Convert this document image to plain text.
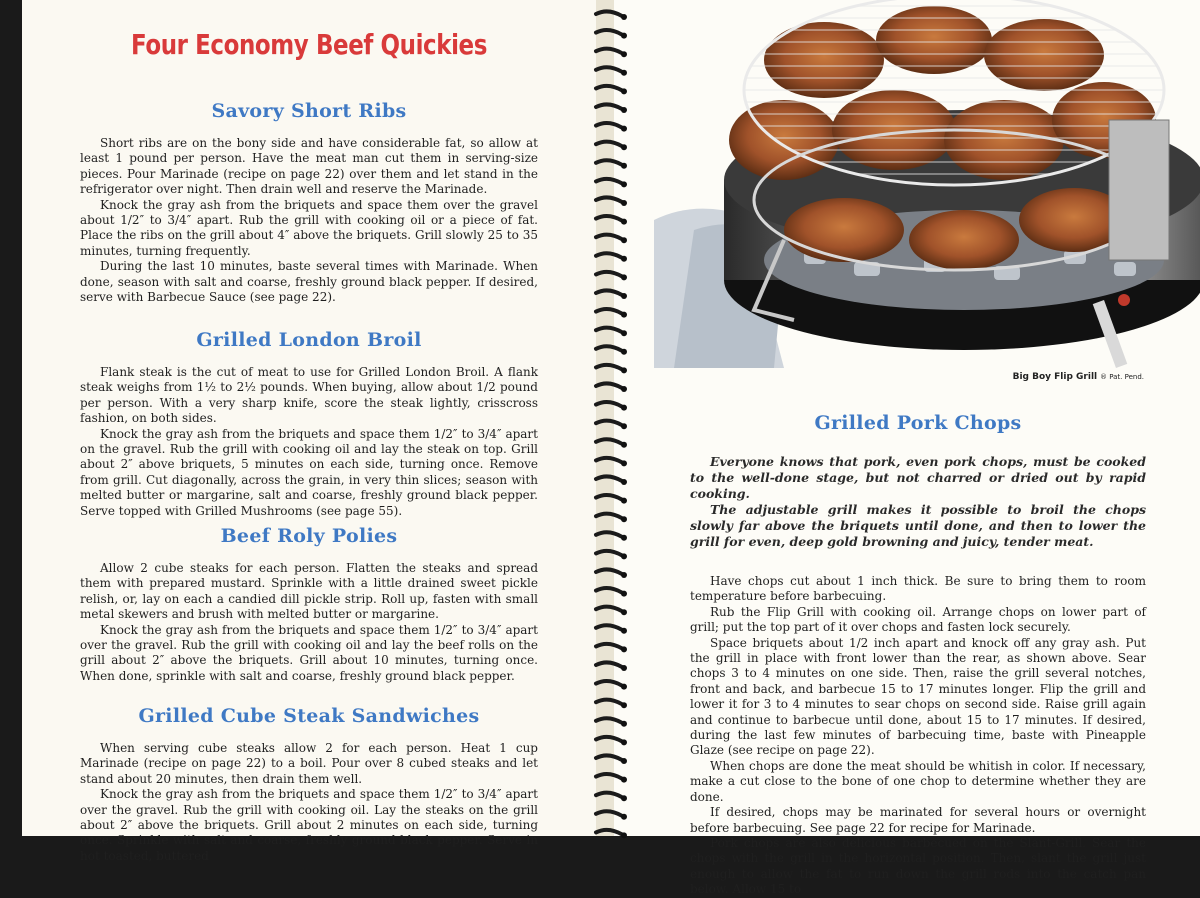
Four Economy Beef Quickies
Savory Short Ribs

Short ribs are on the bony side and have considerable fat, so allow at least 1 pound per person. Have the meat man cut them in serving-size pieces. Pour Marinade (recipe on page 22) over them and let stand in the refrigerator over night. Then drain well and reserve the Marinade.

Knock the gray ash from the briquets and space them over the gravel about 1/2″ to 3/4″ apart. Rub the grill with cooking oil or a piece of fat. Place the ribs on the grill about 4″ above the briquets. Grill slowly 25 to 35 minutes, turning frequently.

During the last 10 minutes, baste several times with Marinade. When done, season with salt and coarse, freshly ground black pepper. If desired, serve with Barbecue Sauce (see page 22).

Grilled London Broil

Flank steak is the cut of meat to use for Grilled London Broil. A flank steak weighs from 1½ to 2½ pounds. When buying, allow about 1/2 pound per person. With a very sharp knife, score the steak lightly, crisscross fashion, on both sides.

Knock the gray ash from the briquets and space them 1/2″ to 3/4″ apart on the gravel. Rub the grill with cooking oil and lay the steak on top. Grill about 2″ above briquets, 5 minutes on each side, turning once. Remove from grill. Cut diagonally, across the grain, in very thin slices; season with melted butter or margarine, salt and coarse, freshly ground black pepper. Serve topped with Grilled Mushrooms (see page 55).

Beef Roly Polies

Allow 2 cube steaks for each person. Flatten the steaks and spread them with prepared mustard. Sprinkle with a little drained sweet pickle relish, or, lay on each a candied dill pickle strip. Roll up, fasten with small metal skewers and brush with melted butter or margarine.

Knock the gray ash from the briquets and space them 1/2″ to 3/4″ apart over the gravel. Rub the grill with cooking oil and lay the beef rolls on the grill about 2″ above the briquets. Grill about 10 minutes, turning once. When done, sprinkle with salt and coarse, freshly ground black pepper.

Grilled Cube Steak Sandwiches

When serving cube steaks allow 2 for each person. Heat 1 cup Marinade (recipe on page 22) to a boil. Pour over 8 cubed steaks and let stand about 20 minutes, then drain them well.

Knock the gray ash from the briquets and space them 1/2″ to 3/4″ apart over the gravel. Rub the grill with cooking oil. Lay the steaks on the grill about 2″ above the briquets. Grill about 2 minutes on each side, turning once. Sprinkle with salt and coarse, freshly ground black pepper. Serve in hot toasted, buttered

Big Boy Flip Grill ® Pat. Pend.
Grilled Pork Chops

Everyone knows that pork, even pork chops, must be cooked to the well-done stage, but not charred or dried out by rapid cooking.

The adjustable grill makes it possible to broil the chops slowly far above the briquets until done, and then to lower the grill for even, deep gold browning and juicy, tender meat.

Have chops cut about 1 inch thick. Be sure to bring them to room temperature before barbecuing.

Rub the Flip Grill with cooking oil. Arrange chops on lower part of grill; put the top part of it over chops and fasten lock securely.

Space briquets about 1/2 inch apart and knock off any gray ash. Put the grill in place with front lower than the rear, as shown above. Sear chops 3 to 4 minutes on one side. Then, raise the grill several notches, front and back, and barbecue 15 to 17 minutes longer. Flip the grill and lower it for 3 to 4 minutes to sear chops on second side. Raise grill again and continue to barbecue until done, about 15 to 17 minutes. If desired, during the last few minutes of barbecuing time, baste with Pineapple Glaze (see recipe on page 22).

When chops are done the meat should be whitish in color. If necessary, make a cut close to the bone of one chop to determine whether they are done.

If desired, chops may be marinated for several hours or overnight before barbecuing. See page 22 for recipe for Marinade.

Pork chops are also delicious barbecued on the Slant-Grill. Sear the chops with the grill in the horizontal position. Then, slant the grill just enough to allow the fat to run down the grill rods into the catch pan below. Allow 15 to
